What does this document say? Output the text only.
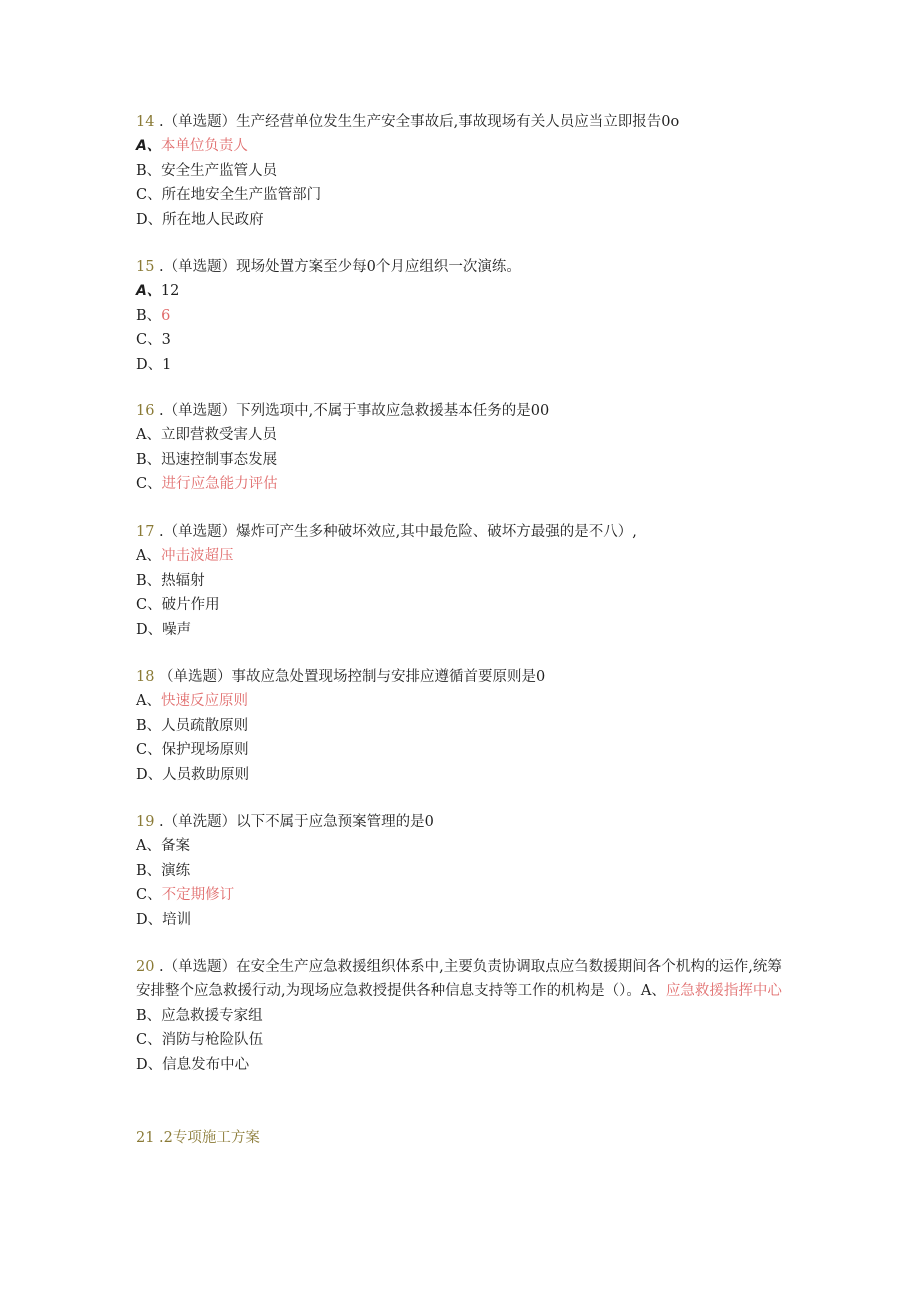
14 .（单选题）生产经营单位发生生产安全事故后,事故现场有关人员应当立即报告0o
A、本单位负责人
B、安全生产监管人员
C、所在地安全生产监管部门
D、所在地人民政府
15 .（单选题）现场处置方案至少每0个月应组织一次演练。
A、12
B、6
C、3
D、1
16 .（单选题）下列选项中,不属于事故应急救援基本任务的是00
A、立即营救受害人员
B、迅速控制事态发展
C、进行应急能力评估
17 .（单选题）爆炸可产生多种破坏效应,其中最危险、破坏方最强的是不八）,
A、冲击波超压
B、热辐射
C、破片作用
D、噪声
18 （单选题）事故应急处置现场控制与安排应遵循首要原则是0
A、快速反应原则
B、人员疏散原则
C、保护现场原则
D、人员救助原则
19 .（单洗题）以下不属于应急预案管理的是0
A、备案
B、演练
C、不定期修订
D、培训
20 .（单选题）在安全生产应急救援组织体系中,主要负责协调取点应刍数援期间各个机构的运作,统筹安排整个应急救援行动,为现场应急救授提供各种信息支持等工作的机构是（）。A、应急救援指挥中心
B、应急救援专家组
C、消防与枪险队伍
D、信息发布中心
21 .2专项施工方案
